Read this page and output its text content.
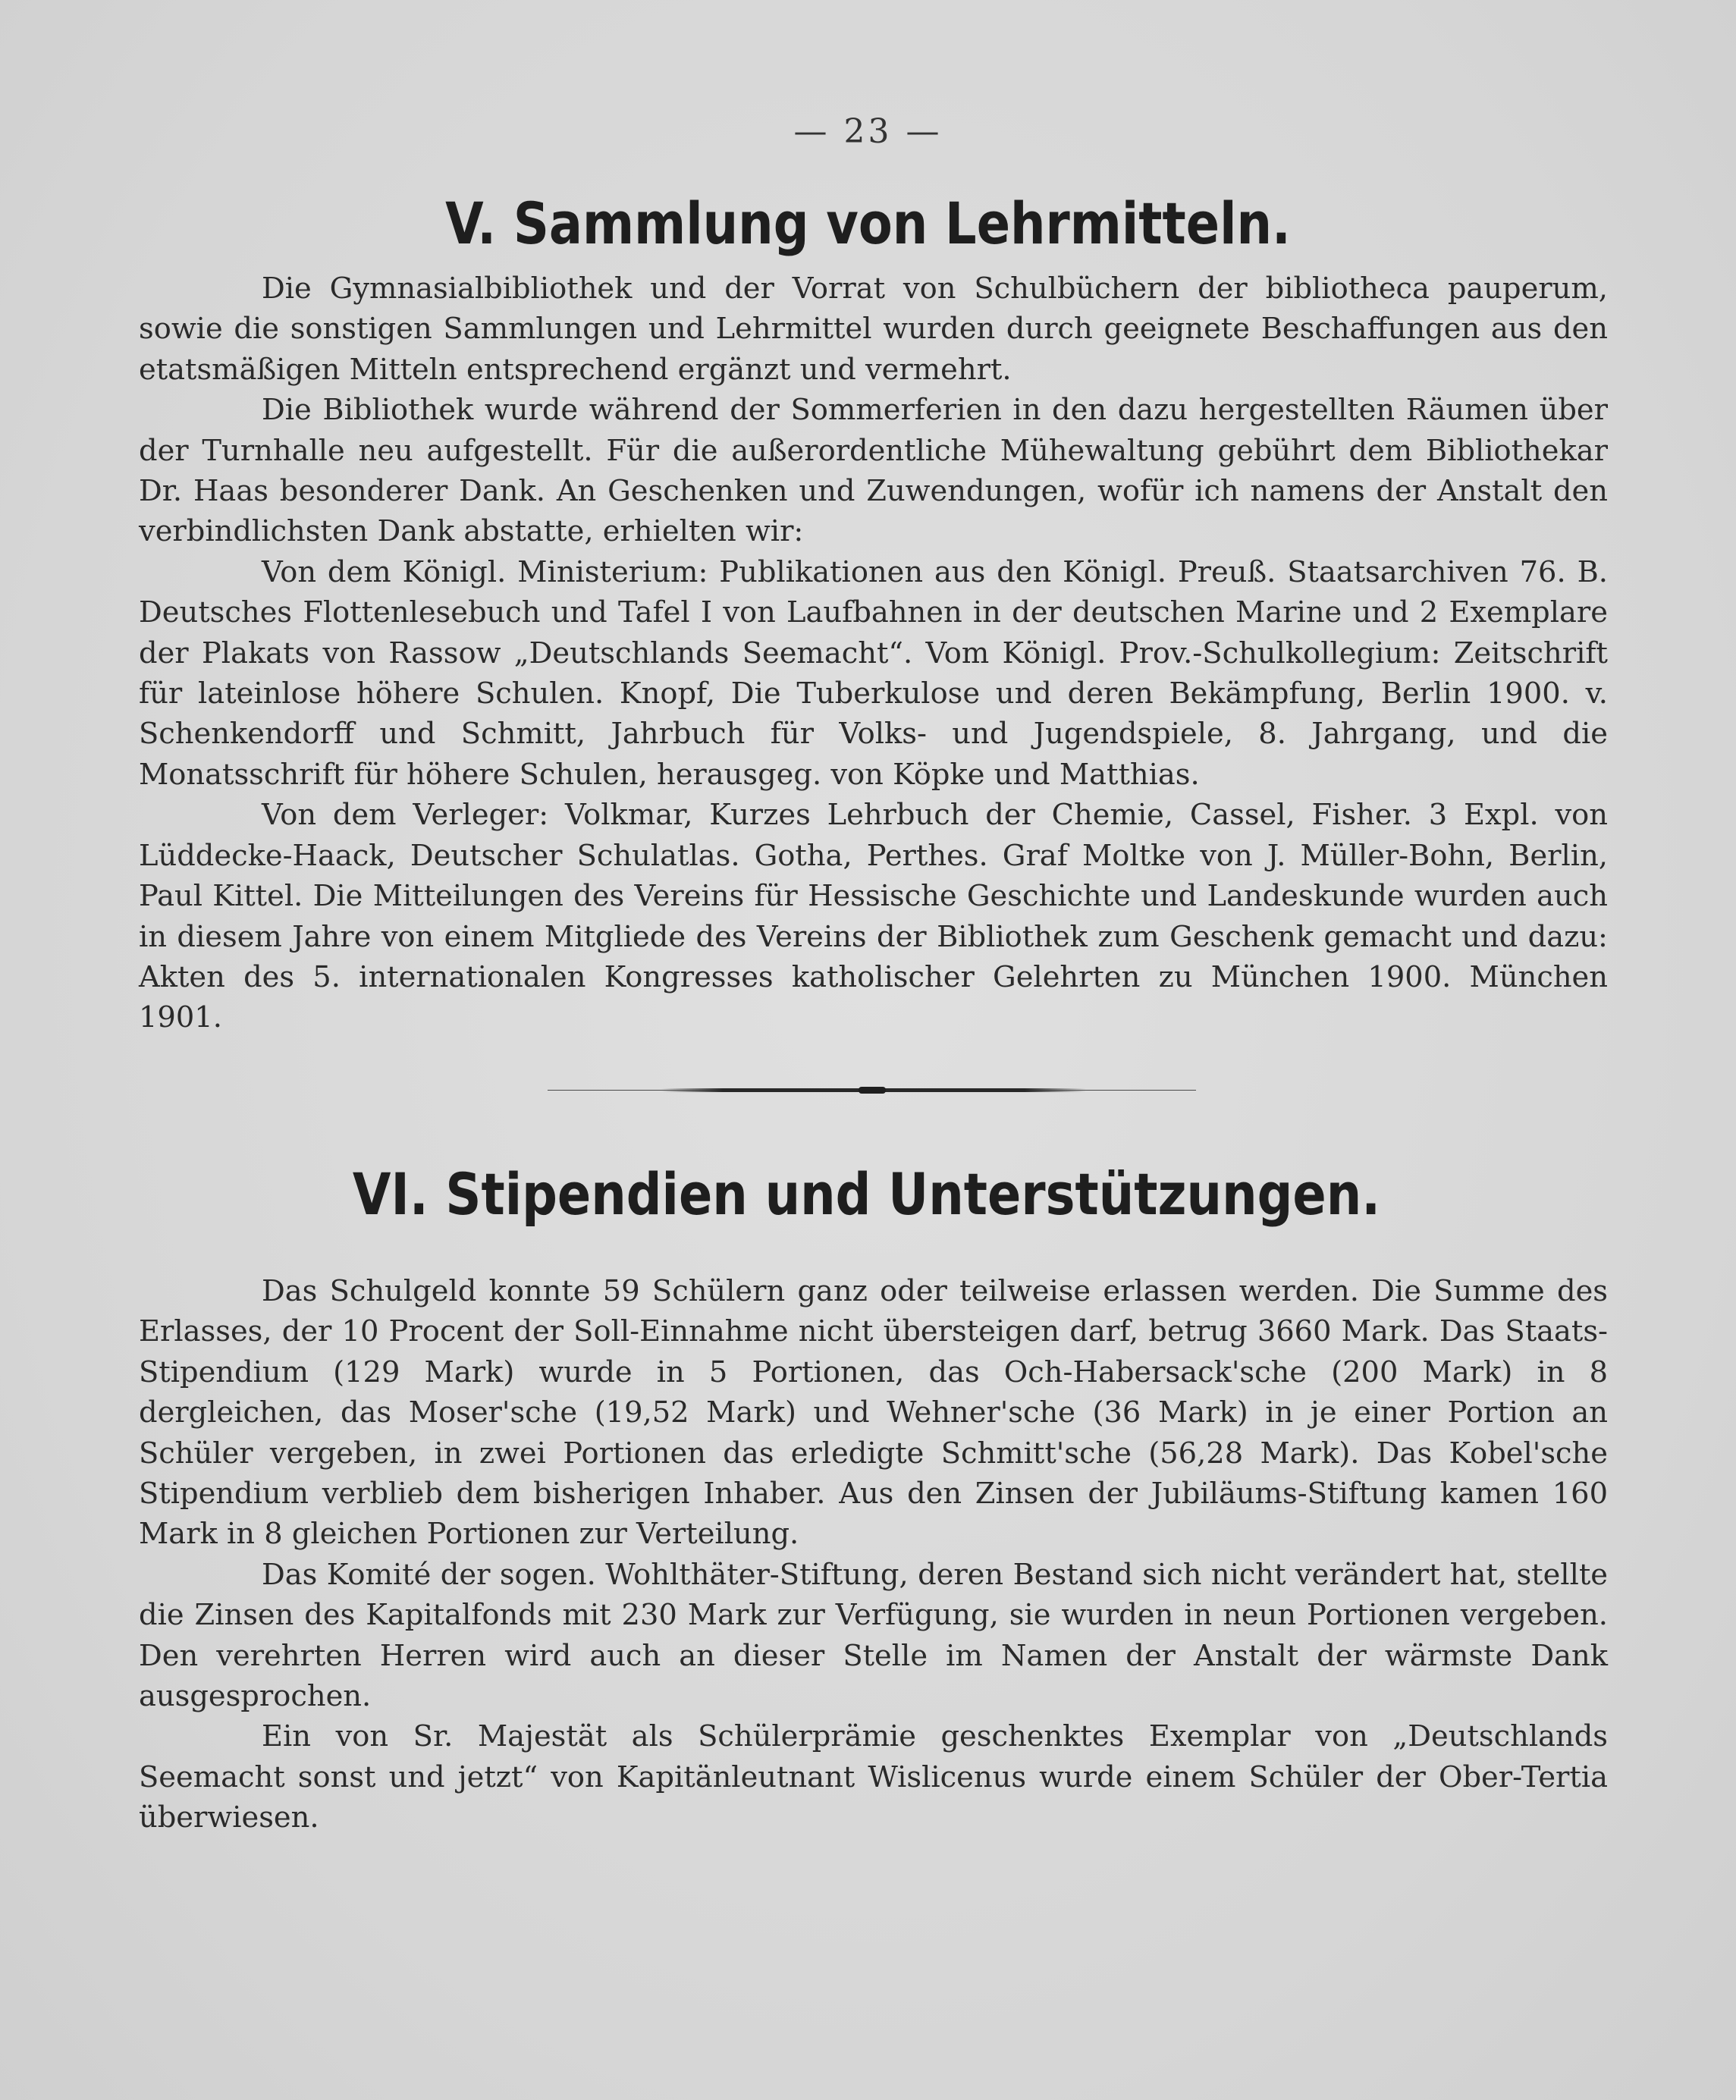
— 23 —
V. Sammlung von Lehrmitteln.

Die Gymnasialbibliothek und der Vorrat von Schulbüchern der bibliotheca pauperum, sowie die sonstigen Sammlungen und Lehrmittel wurden durch geeignete Beschaffungen aus den etatsmäßigen Mitteln entsprechend ergänzt und vermehrt.

Die Bibliothek wurde während der Sommerferien in den dazu hergestellten Räumen über der Turnhalle neu aufgestellt. Für die außerordentliche Mühewaltung gebührt dem Bibliothekar Dr. Haas besonderer Dank. An Geschenken und Zuwendungen, wofür ich namens der Anstalt den verbindlichsten Dank abstatte, erhielten wir:

Von dem Königl. Ministerium: Publikationen aus den Königl. Preuß. Staatsarchiven 76. B. Deutsches Flottenlesebuch und Tafel I von Laufbahnen in der deutschen Marine und 2 Exemplare der Plakats von Rassow „Deutschlands Seemacht“. Vom Königl. Prov.-Schulkollegium: Zeitschrift für lateinlose höhere Schulen. Knopf, Die Tuberkulose und deren Bekämpfung, Berlin 1900. v. Schenkendorff und Schmitt, Jahrbuch für Volks- und Jugendspiele, 8. Jahrgang, und die Monatsschrift für höhere Schulen, herausgeg. von Köpke und Matthias.

Von dem Verleger: Volkmar, Kurzes Lehrbuch der Chemie, Cassel, Fisher. 3 Expl. von Lüddecke-Haack, Deutscher Schulatlas. Gotha, Perthes. Graf Moltke von J. Müller-Bohn, Berlin, Paul Kittel. Die Mitteilungen des Vereins für Hessische Geschichte und Landeskunde wurden auch in diesem Jahre von einem Mitgliede des Vereins der Bibliothek zum Geschenk gemacht und dazu: Akten des 5. internationalen Kongresses katholischer Gelehrten zu München 1900. München 1901.

VI. Stipendien und Unterstützungen.

Das Schulgeld konnte 59 Schülern ganz oder teilweise erlassen werden. Die Summe des Erlasses, der 10 Procent der Soll-Einnahme nicht übersteigen darf, betrug 3660 Mark. Das Staats-Stipendium (129 Mark) wurde in 5 Portionen, das Och-Habersack'sche (200 Mark) in 8 dergleichen, das Moser'sche (19,52 Mark) und Wehner'sche (36 Mark) in je einer Portion an Schüler vergeben, in zwei Portionen das erledigte Schmitt'sche (56,28 Mark). Das Kobel'sche Stipendium verblieb dem bisherigen Inhaber. Aus den Zinsen der Jubiläums-Stiftung kamen 160 Mark in 8 gleichen Portionen zur Verteilung.

Das Komité der sogen. Wohlthäter-Stiftung, deren Bestand sich nicht verändert hat, stellte die Zinsen des Kapitalfonds mit 230 Mark zur Verfügung, sie wurden in neun Portionen vergeben. Den verehrten Herren wird auch an dieser Stelle im Namen der Anstalt der wärmste Dank ausgesprochen.

Ein von Sr. Majestät als Schülerprämie geschenktes Exemplar von „Deutschlands Seemacht sonst und jetzt“ von Kapitänleutnant Wislicenus wurde einem Schüler der Ober-Tertia überwiesen.
